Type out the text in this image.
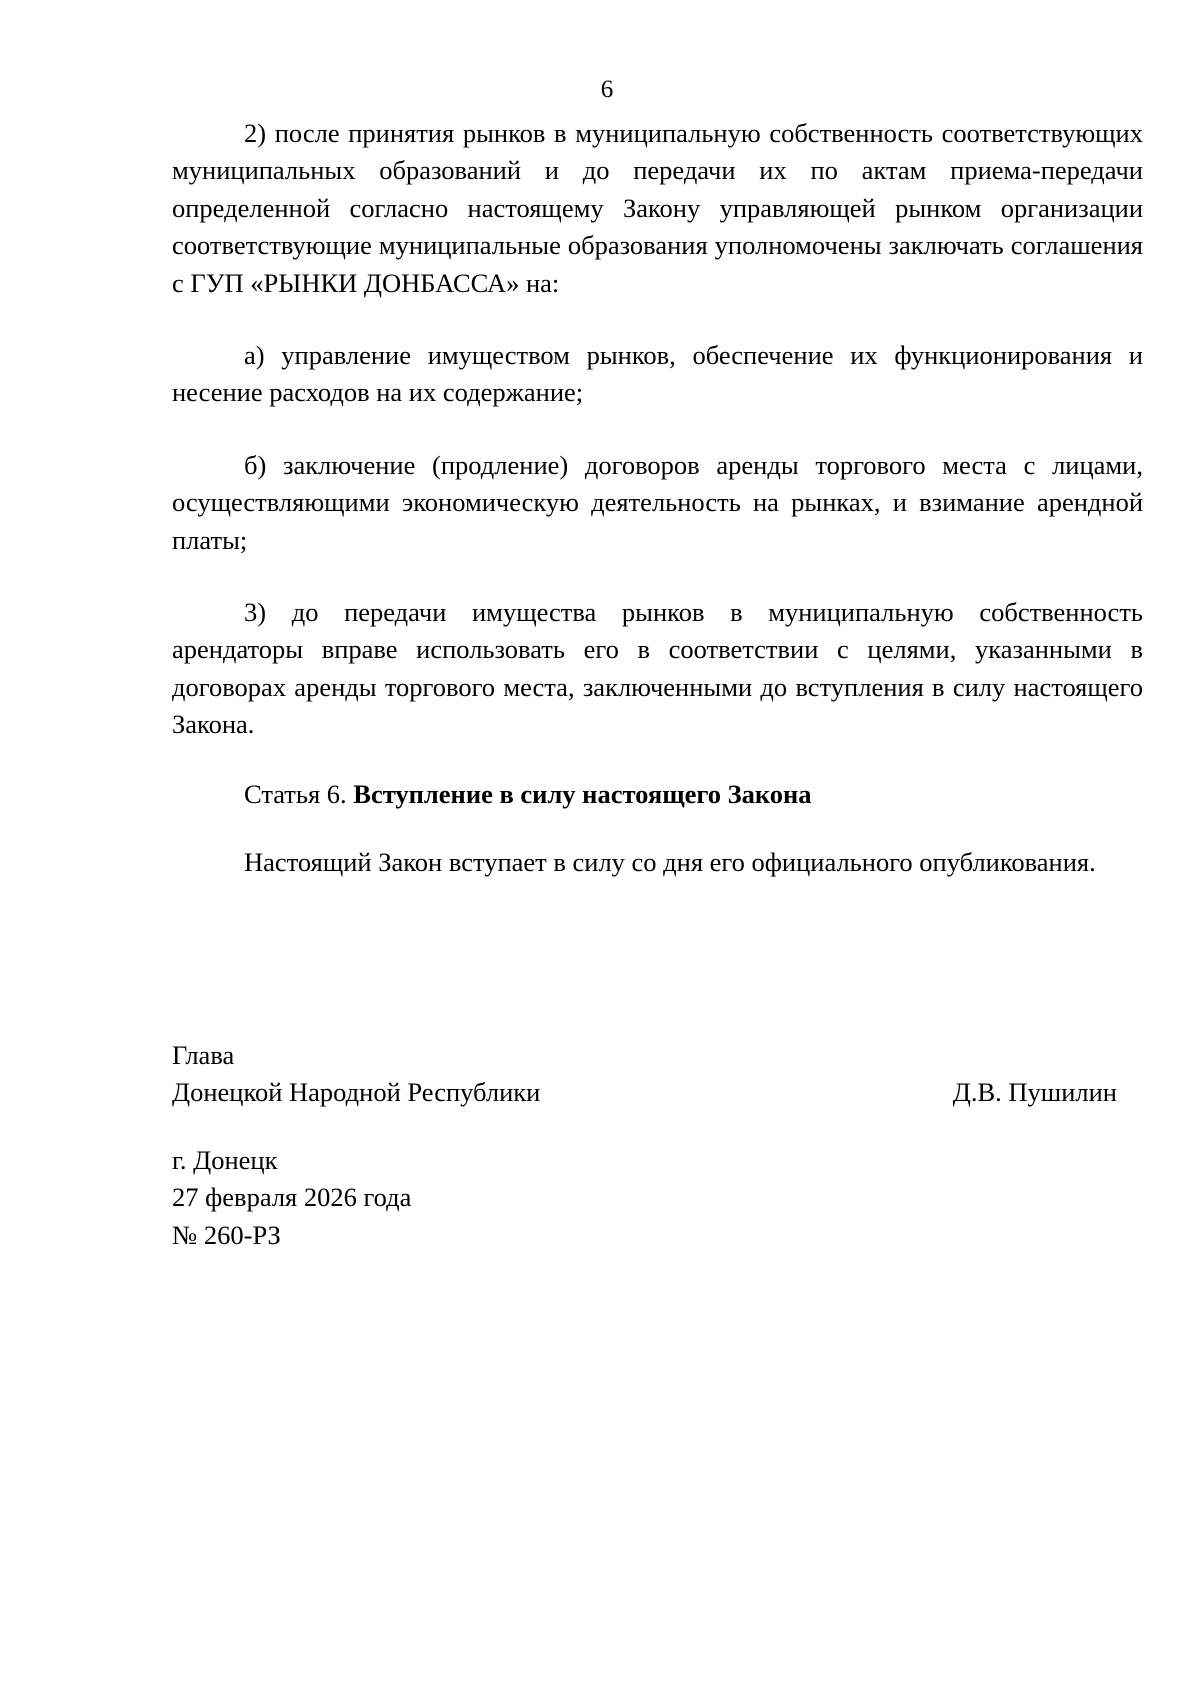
6

2) после принятия рынков в муниципальную собственность соответствующих муниципальных образований и до передачи их по актам приема-передачи определенной согласно настоящему Закону управляющей рынком организации соответствующие муниципальные образования уполномочены заключать соглашения с ГУП «РЫНКИ ДОНБАССА» на:

а) управление имуществом рынков, обеспечение их функционирования и несение расходов на их содержание;

б) заключение (продление) договоров аренды торгового места с лицами, осуществляющими экономическую деятельность на рынках, и взимание арендной платы;

3) до передачи имущества рынков в муниципальную собственность арендаторы вправе использовать его в соответствии с целями, указанными в договорах аренды торгового места, заключенными до вступления в силу настоящего Закона.

Статья 6. Вступление в силу настоящего Закона

Настоящий Закон вступает в силу со дня его официального опубликования.

Глава
Донецкой Народной Республики	Д.В. Пушилин
г. Донецк
27 февраля 2026 года
№ 260-РЗ
